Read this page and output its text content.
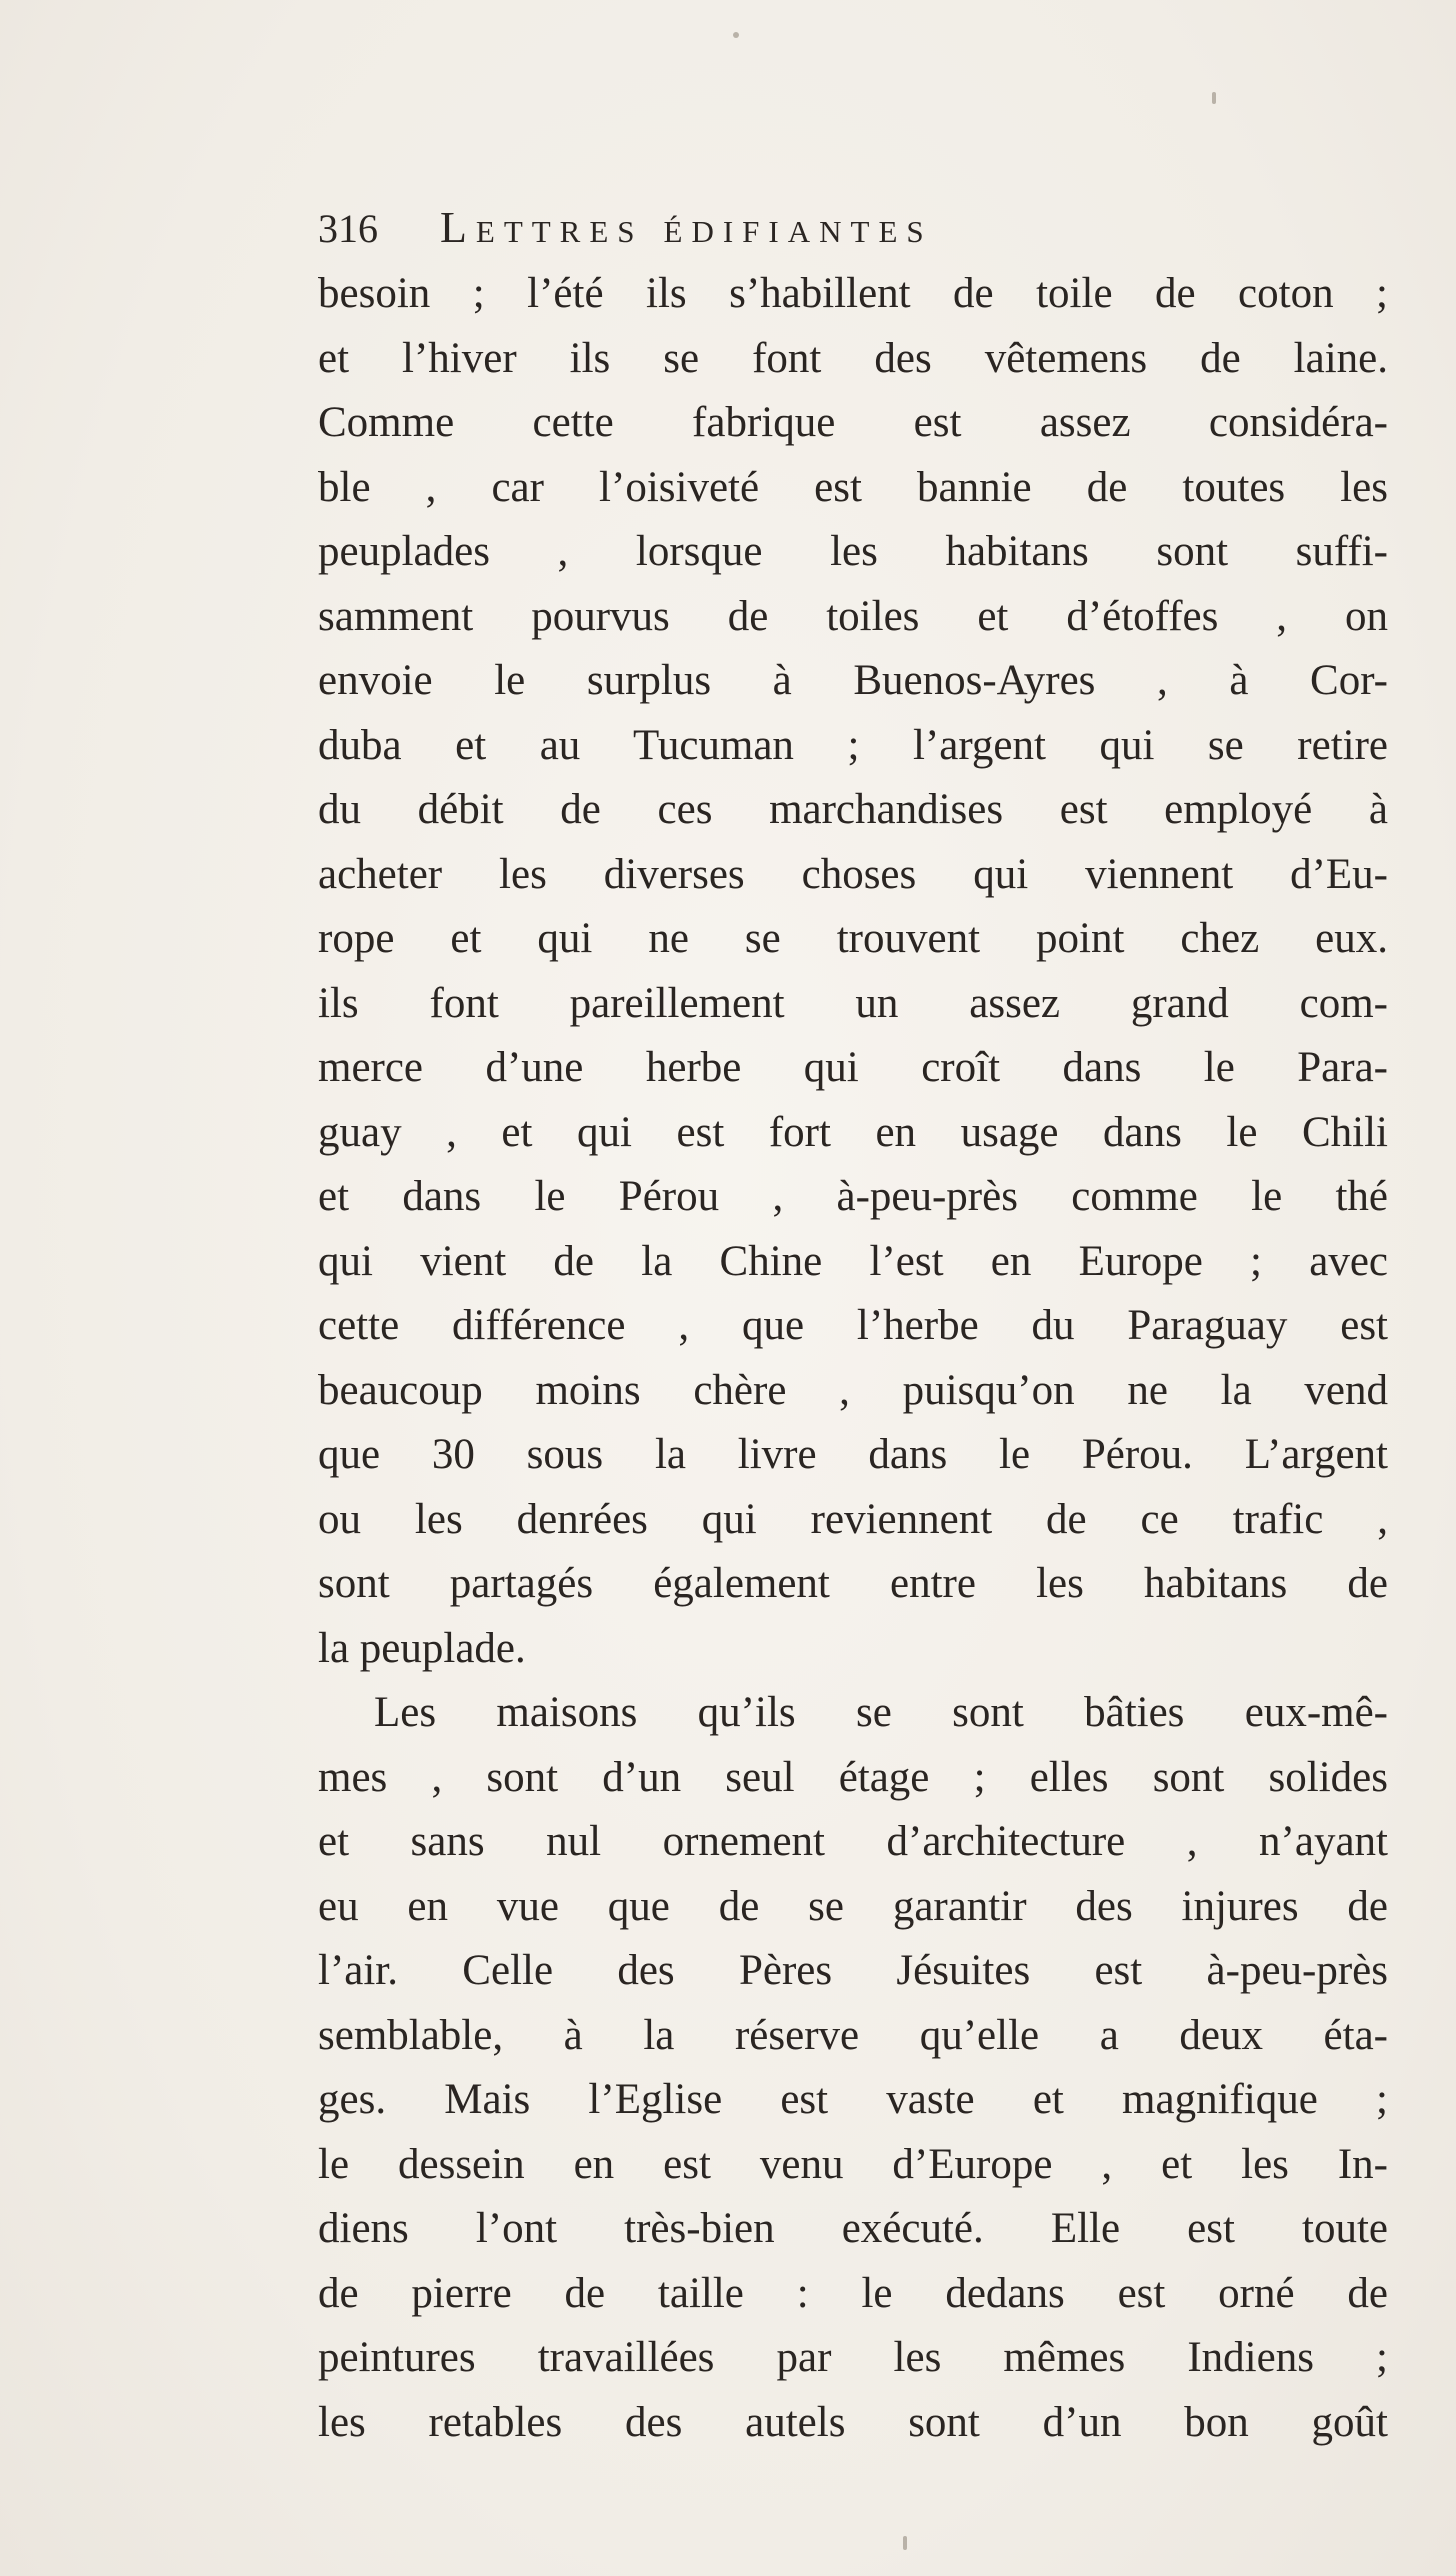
316 Lettres édifiantes
besoin ; l’été ils s’habillent de toile de coton ;
et l’hiver ils se font des vêtemens de laine.
Comme cette fabrique est assez considéra-
ble , car l’oisiveté est bannie de toutes les
peuplades , lorsque les habitans sont suffi-
samment pourvus de toiles et d’étoffes , on
envoie le surplus à Buenos-Ayres , à Cor-
duba et au Tucuman ; l’argent qui se retire
du débit de ces marchandises est employé à
acheter les diverses choses qui viennent d’Eu-
rope et qui ne se trouvent point chez eux.
ils font pareillement un assez grand com-
merce d’une herbe qui croît dans le Para-
guay , et qui est fort en usage dans le Chili
et dans le Pérou , à-peu-près comme le thé
qui vient de la Chine l’est en Europe ; avec
cette différence , que l’herbe du Paraguay est
beaucoup moins chère , puisqu’on ne la vend
que 30 sous la livre dans le Pérou. L’argent
ou les denrées qui reviennent de ce trafic ,
sont partagés également entre les habitans de
la peuplade.
Les maisons qu’ils se sont bâties eux-mê-
mes , sont d’un seul étage ; elles sont solides
et sans nul ornement d’architecture , n’ayant
eu en vue que de se garantir des injures de
l’air. Celle des Pères Jésuites est à-peu-près
semblable, à la réserve qu’elle a deux éta-
ges. Mais l’Eglise est vaste et magnifique ;
le dessein en est venu d’Europe , et les In-
diens l’ont très-bien exécuté. Elle est toute
de pierre de taille : le dedans est orné de
peintures travaillées par les mêmes Indiens ;
les retables des autels sont d’un bon goût
